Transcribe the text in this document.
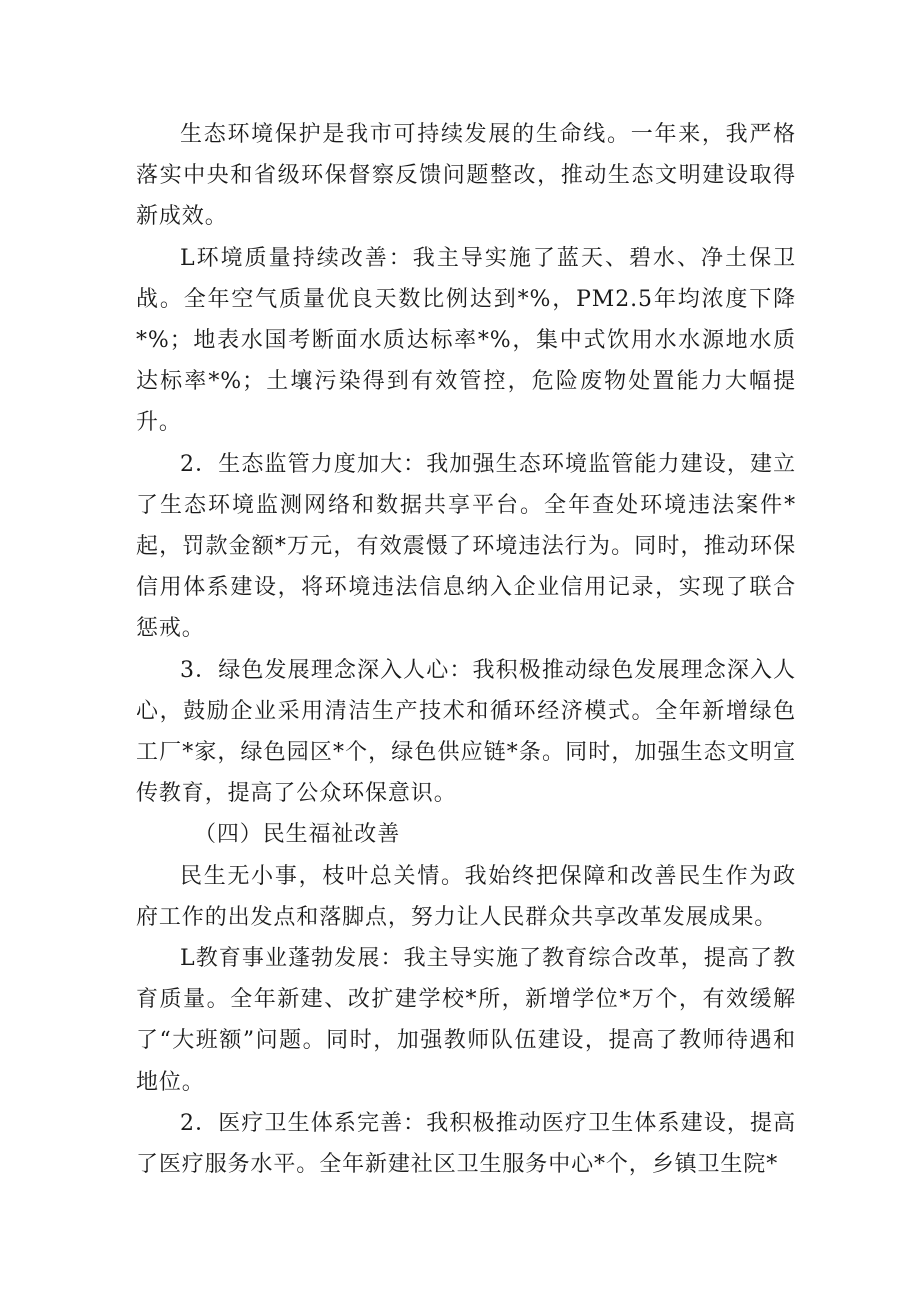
生态环境保护是我市可持续发展的生命线。一年来，我严格落实中央和省级环保督察反馈问题整改，推动生态文明建设取得新成效。

L环境质量持续改善：我主导实施了蓝天、碧水、净土保卫战。全年空气质量优良天数比例达到*%，PM2.5年均浓度下降*%；地表水国考断面水质达标率*%，集中式饮用水水源地水质达标率*%；土壤污染得到有效管控，危险废物处置能力大幅提升。

2．生态监管力度加大：我加强生态环境监管能力建设，建立了生态环境监测网络和数据共享平台。全年查处环境违法案件*起，罚款金额*万元，有效震慑了环境违法行为。同时，推动环保信用体系建设，将环境违法信息纳入企业信用记录，实现了联合惩戒。

3．绿色发展理念深入人心：我积极推动绿色发展理念深入人心，鼓励企业采用清洁生产技术和循环经济模式。全年新增绿色工厂*家，绿色园区*个，绿色供应链*条。同时，加强生态文明宣传教育，提高了公众环保意识。

（四）民生福祉改善

民生无小事，枝叶总关情。我始终把保障和改善民生作为政府工作的出发点和落脚点，努力让人民群众共享改革发展成果。

L教育事业蓬勃发展：我主导实施了教育综合改革，提高了教育质量。全年新建、改扩建学校*所，新增学位*万个，有效缓解了“大班额”问题。同时，加强教师队伍建设，提高了教师待遇和地位。

2．医疗卫生体系完善：我积极推动医疗卫生体系建设，提高了医疗服务水平。全年新建社区卫生服务中心*个，乡镇卫生院*
